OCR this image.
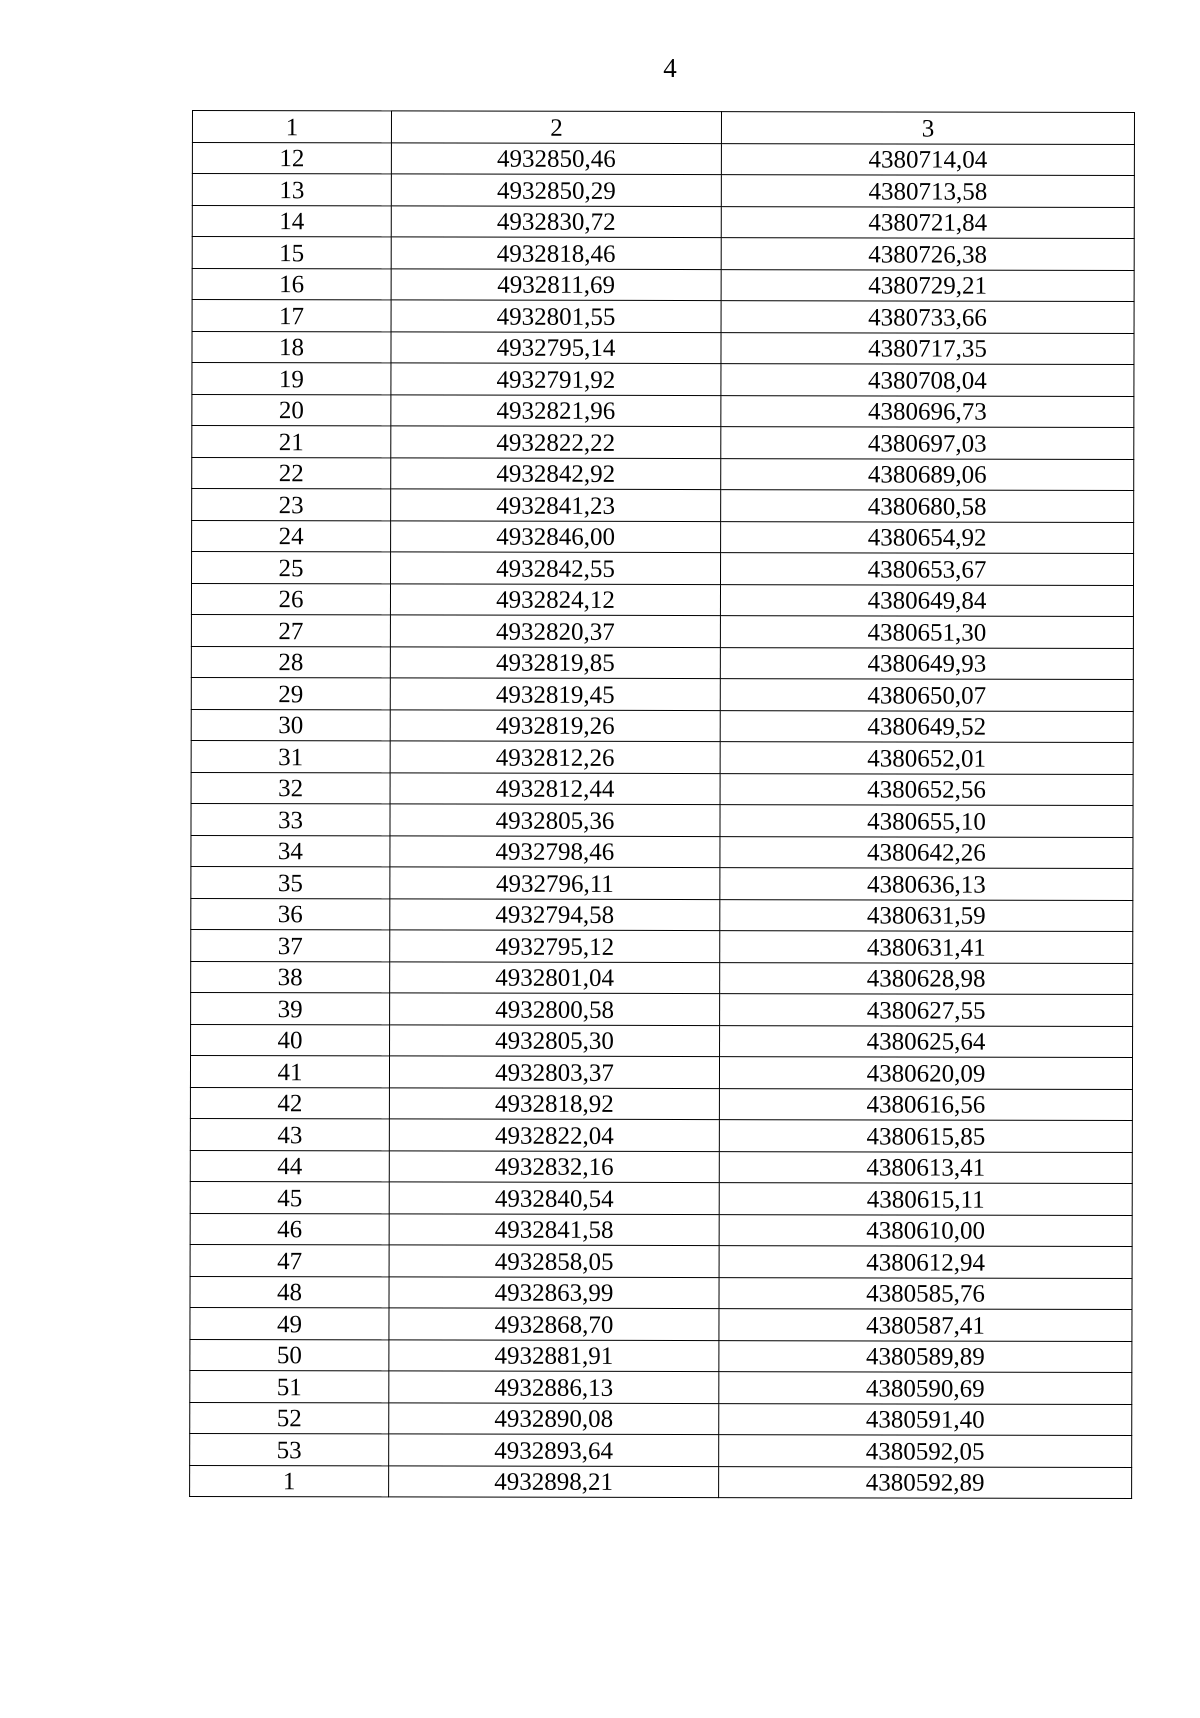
4
1	2	3
12	4932850,46	4380714,04
13	4932850,29	4380713,58
14	4932830,72	4380721,84
15	4932818,46	4380726,38
16	4932811,69	4380729,21
17	4932801,55	4380733,66
18	4932795,14	4380717,35
19	4932791,92	4380708,04
20	4932821,96	4380696,73
21	4932822,22	4380697,03
22	4932842,92	4380689,06
23	4932841,23	4380680,58
24	4932846,00	4380654,92
25	4932842,55	4380653,67
26	4932824,12	4380649,84
27	4932820,37	4380651,30
28	4932819,85	4380649,93
29	4932819,45	4380650,07
30	4932819,26	4380649,52
31	4932812,26	4380652,01
32	4932812,44	4380652,56
33	4932805,36	4380655,10
34	4932798,46	4380642,26
35	4932796,11	4380636,13
36	4932794,58	4380631,59
37	4932795,12	4380631,41
38	4932801,04	4380628,98
39	4932800,58	4380627,55
40	4932805,30	4380625,64
41	4932803,37	4380620,09
42	4932818,92	4380616,56
43	4932822,04	4380615,85
44	4932832,16	4380613,41
45	4932840,54	4380615,11
46	4932841,58	4380610,00
47	4932858,05	4380612,94
48	4932863,99	4380585,76
49	4932868,70	4380587,41
50	4932881,91	4380589,89
51	4932886,13	4380590,69
52	4932890,08	4380591,40
53	4932893,64	4380592,05
1	4932898,21	4380592,89
